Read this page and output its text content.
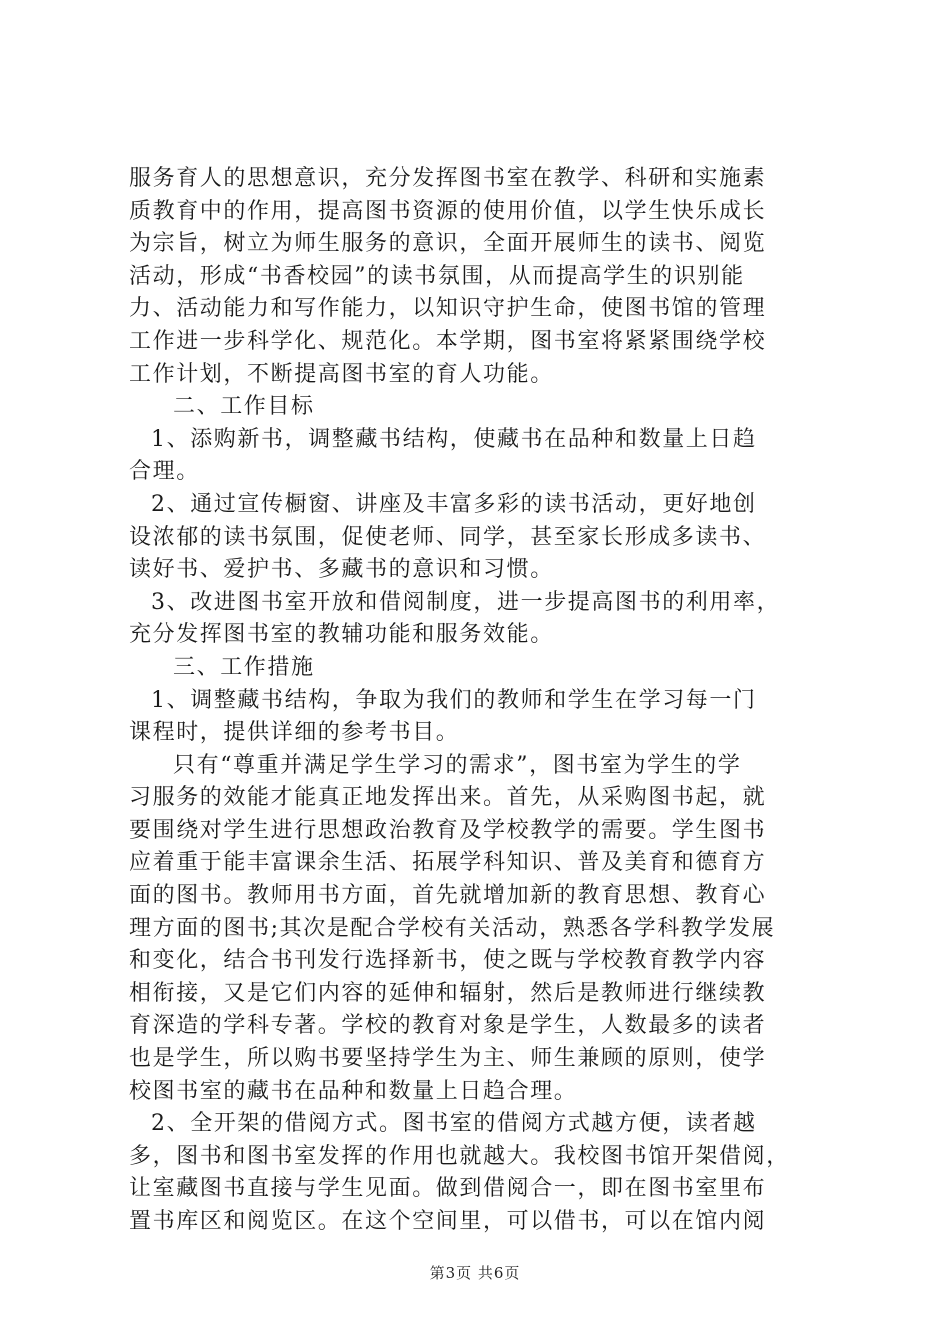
服务育人的思想意识，充分发挥图书室在教学、科研和实施素
质教育中的作用，提高图书资源的使用价值，以学生快乐成长
为宗旨，树立为师生服务的意识，全面开展师生的读书、阅览
活动，形成“书香校园”的读书氛围，从而提高学生的识别能
力、活动能力和写作能力，以知识守护生命，使图书馆的管理
工作进一步科学化、规范化。本学期，图书室将紧紧围绕学校
工作计划，不断提高图书室的育人功能。
二、工作目标
1、添购新书，调整藏书结构，使藏书在品种和数量上日趋
合理。
2、通过宣传橱窗、讲座及丰富多彩的读书活动，更好地创
设浓郁的读书氛围，促使老师、同学，甚至家长形成多读书、
读好书、爱护书、多藏书的意识和习惯。
3、改进图书室开放和借阅制度，进一步提高图书的利用率，
充分发挥图书室的教辅功能和服务效能。
三、工作措施
1、调整藏书结构，争取为我们的教师和学生在学习每一门
课程时，提供详细的参考书目。
只有“尊重并满足学生学习的需求”，图书室为学生的学
习服务的效能才能真正地发挥出来。首先，从采购图书起，就
要围绕对学生进行思想政治教育及学校教学的需要。学生图书
应着重于能丰富课余生活、拓展学科知识、普及美育和德育方
面的图书。教师用书方面，首先就增加新的教育思想、教育心
理方面的图书;其次是配合学校有关活动，熟悉各学科教学发展
和变化，结合书刊发行选择新书，使之既与学校教育教学内容
相衔接，又是它们内容的延伸和辐射，然后是教师进行继续教
育深造的学科专著。学校的教育对象是学生，人数最多的读者
也是学生，所以购书要坚持学生为主、师生兼顾的原则，使学
校图书室的藏书在品种和数量上日趋合理。
2、全开架的借阅方式。图书室的借阅方式越方便，读者越
多，图书和图书室发挥的作用也就越大。我校图书馆开架借阅，
让室藏图书直接与学生见面。做到借阅合一，即在图书室里布
置书库区和阅览区。在这个空间里，可以借书，可以在馆内阅
第3页 共6页
